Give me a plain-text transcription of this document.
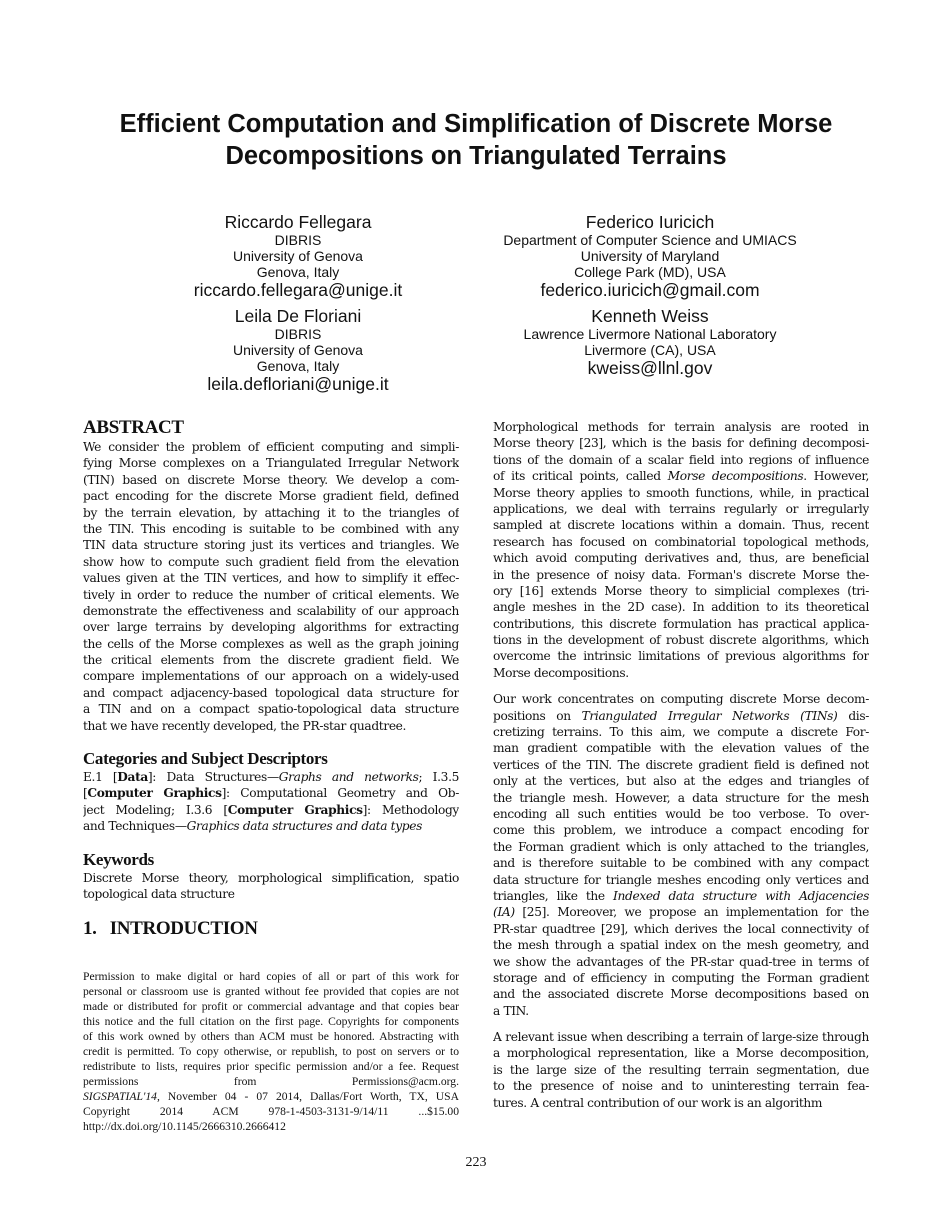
Efficient Computation and Simplification of Discrete Morse
Decompositions on Triangulated Terrains
Riccardo Fellegara
DIBRIS
University of Genova
Genova, Italy
riccardo.fellegara@unige.it
Federico Iuricich
Department of Computer Science and UMIACS
University of Maryland
College Park (MD), USA
federico.iuricich@gmail.com
Leila De Floriani
DIBRIS
University of Genova
Genova, Italy
leila.defloriani@unige.it
Kenneth Weiss
Lawrence Livermore National Laboratory
Livermore (CA), USA
kweiss@llnl.gov
ABSTRACT
We consider the problem of efficient computing and simpli-
fying Morse complexes on a Triangulated Irregular Network
(TIN) based on discrete Morse theory. We develop a com-
pact encoding for the discrete Morse gradient field, defined
by the terrain elevation, by attaching it to the triangles of
the TIN. This encoding is suitable to be combined with any
TIN data structure storing just its vertices and triangles. We
show how to compute such gradient field from the elevation
values given at the TIN vertices, and how to simplify it effec-
tively in order to reduce the number of critical elements. We
demonstrate the effectiveness and scalability of our approach
over large terrains by developing algorithms for extracting
the cells of the Morse complexes as well as the graph joining
the critical elements from the discrete gradient field. We
compare implementations of our approach on a widely-used
and compact adjacency-based topological data structure for
a TIN and on a compact spatio-topological data structure
that we have recently developed, the PR-star quadtree.
Categories and Subject Descriptors
E.1 [Data]: Data Structures—Graphs and networks; I.3.5
[Computer Graphics]: Computational Geometry and Ob-
ject Modeling; I.3.6 [Computer Graphics]: Methodology
and Techniques—Graphics data structures and data types
Keywords
Discrete Morse theory, morphological simplification, spatio
topological data structure
1.   INTRODUCTION
Permission to make digital or hard copies of all or part of this work for
personal or classroom use is granted without fee provided that copies are not
made or distributed for profit or commercial advantage and that copies bear
this notice and the full citation on the first page. Copyrights for components
of this work owned by others than ACM must be honored. Abstracting with
credit is permitted. To copy otherwise, or republish, to post on servers or to
redistribute to lists, requires prior specific permission and/or a fee. Request
permissions from Permissions@acm.org.
SIGSPATIAL'14, November 04 - 07 2014, Dallas/Fort Worth, TX, USA
Copyright 2014 ACM 978-1-4503-3131-9/14/11 ...$15.00
http://dx.doi.org/10.1145/2666310.2666412
Morphological methods for terrain analysis are rooted in
Morse theory [23], which is the basis for defining decomposi-
tions of the domain of a scalar field into regions of influence
of its critical points, called Morse decompositions. However,
Morse theory applies to smooth functions, while, in practical
applications, we deal with terrains regularly or irregularly
sampled at discrete locations within a domain. Thus, recent
research has focused on combinatorial topological methods,
which avoid computing derivatives and, thus, are beneficial
in the presence of noisy data. Forman's discrete Morse the-
ory [16] extends Morse theory to simplicial complexes (tri-
angle meshes in the 2D case). In addition to its theoretical
contributions, this discrete formulation has practical applica-
tions in the development of robust discrete algorithms, which
overcome the intrinsic limitations of previous algorithms for
Morse decompositions.
Our work concentrates on computing discrete Morse decom-
positions on Triangulated Irregular Networks (TINs) dis-
cretizing terrains. To this aim, we compute a discrete For-
man gradient compatible with the elevation values of the
vertices of the TIN. The discrete gradient field is defined not
only at the vertices, but also at the edges and triangles of
the triangle mesh. However, a data structure for the mesh
encoding all such entities would be too verbose. To over-
come this problem, we introduce a compact encoding for
the Forman gradient which is only attached to the triangles,
and is therefore suitable to be combined with any compact
data structure for triangle meshes encoding only vertices and
triangles, like the Indexed data structure with Adjacencies
(IA) [25]. Moreover, we propose an implementation for the
PR-star quadtree [29], which derives the local connectivity of
the mesh through a spatial index on the mesh geometry, and
we show the advantages of the PR-star quad-tree in terms of
storage and of efficiency in computing the Forman gradient
and the associated discrete Morse decompositions based on
a TIN.
A relevant issue when describing a terrain of large-size through
a morphological representation, like a Morse decomposition,
is the large size of the resulting terrain segmentation, due
to the presence of noise and to uninteresting terrain fea-
tures. A central contribution of our work is an algorithm
223
